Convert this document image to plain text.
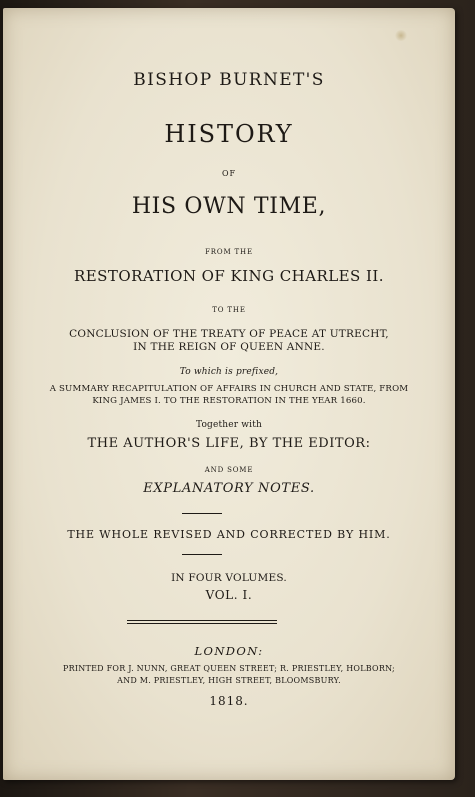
BISHOP BURNET'S
HISTORY
OF
HIS OWN TIME,
FROM THE
RESTORATION OF KING CHARLES II.
TO THE
CONCLUSION OF THE TREATY OF PEACE AT UTRECHT,
IN THE REIGN OF QUEEN ANNE.
To which is prefixed,
A SUMMARY RECAPITULATION OF AFFAIRS IN CHURCH AND STATE, FROM
KING JAMES I. TO THE RESTORATION IN THE YEAR 1660.
Together with
THE AUTHOR'S LIFE, BY THE EDITOR:
AND SOME
EXPLANATORY NOTES.
THE WHOLE REVISED AND CORRECTED BY HIM.
IN FOUR VOLUMES.
VOL. I.
LONDON:
PRINTED FOR J. NUNN, GREAT QUEEN STREET; R. PRIESTLEY, HOLBORN;
AND M. PRIESTLEY, HIGH STREET, BLOOMSBURY.
1818.
